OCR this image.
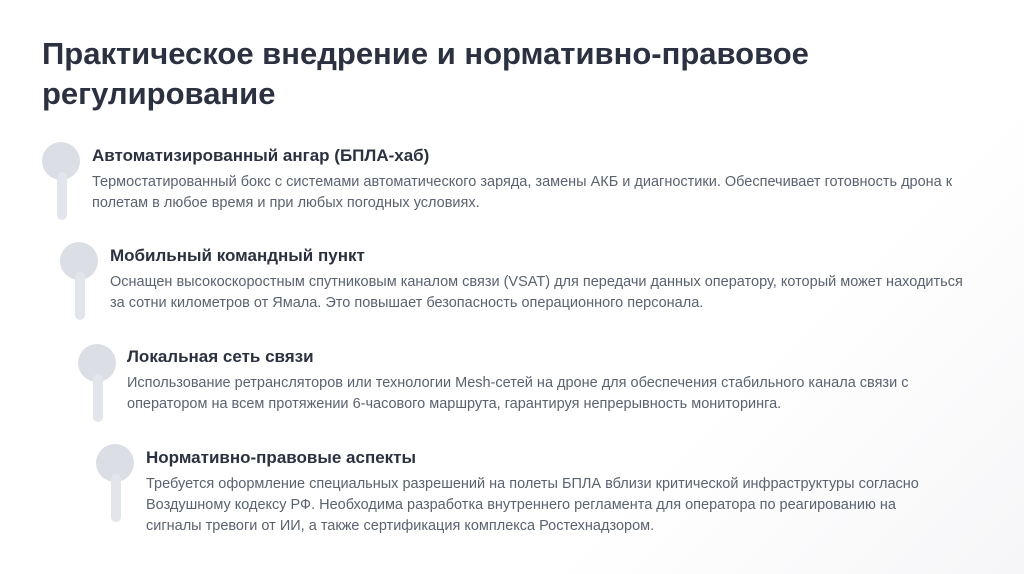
Практическое внедрение и нормативно-правовое регулирование
Автоматизированный ангар (БПЛА-хаб)

Термостатированный бокс с системами автоматического заряда, замены АКБ и диагностики. Обеспечивает готовность дрона к полетам в любое время и при любых погодных условиях.

Мобильный командный пункт

Оснащен высокоскоростным спутниковым каналом связи (VSAT) для передачи данных оператору, который может находиться за сотни километров от Ямала. Это повышает безопасность операционного персонала.

Локальная сеть связи

Использование ретрансляторов или технологии Mesh-сетей на дроне для обеспечения стабильного канала связи с оператором на всем протяжении 6-часового маршрута, гарантируя непрерывность мониторинга.

Нормативно-правовые аспекты

Требуется оформление специальных разрешений на полеты БПЛА вблизи критической инфраструктуры согласно Воздушному кодексу РФ. Необходима разработка внутреннего регламента для оператора по реагированию на сигналы тревоги от ИИ, а также сертификация комплекса Ростехнадзором.
